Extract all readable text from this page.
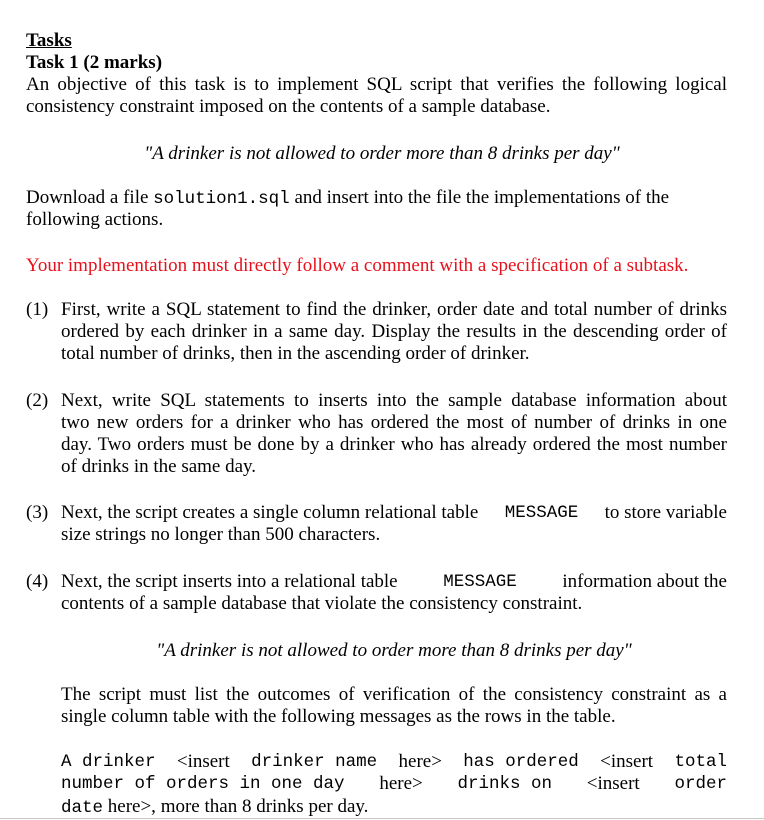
Tasks
Task 1 (2 marks)
An objective of this task is to implement SQL script that verifies the following logical
consistency constraint imposed on the contents of a sample database.
"A drinker is not allowed to order more than 8 drinks per day"
Download a file solution1.sql and insert into the file the implementations of the
following actions.
Your implementation must directly follow a comment with a specification of a subtask.
(1) First, write a SQL statement to find the drinker, order date and total number of drinks
ordered by each drinker in a same day. Display the results in the descending order of
total number of drinks, then in the ascending order of drinker.
(2) Next, write SQL statements to inserts into the sample database information about
two new orders for a drinker who has ordered the most of number of drinks in one
day. Two orders must be done by a drinker who has already ordered the most number
of drinks in the same day.
(3) Next, the script creates a single column relational table MESSAGE to store variable
size strings no longer than 500 characters.
(4) Next, the script inserts into a relational table	MESSAGE information about the
contents of a sample database that violate the consistency constraint.
"A drinker is not allowed to order more than 8 drinks per day"
The script must list the outcomes of verification of the consistency constraint as a
single column table with the following messages as the rows in the table.
A drinker <insert drinker name here> has ordered <insert total
number of orders in one day here> drinks on <insert order
date here>, more than 8 drinks per day.
